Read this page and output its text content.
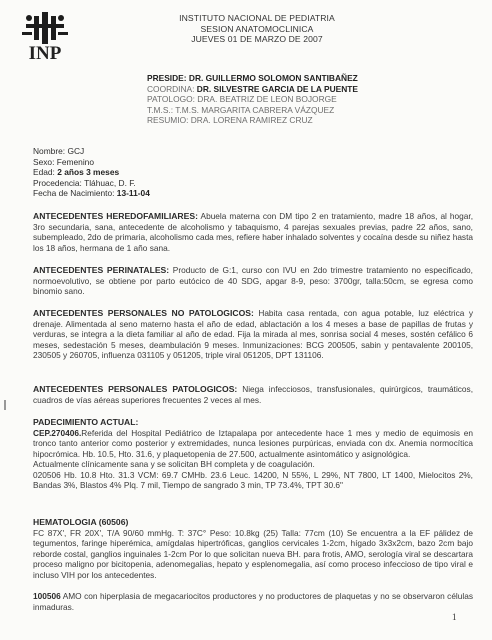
INP
INSTITUTO NACIONAL DE PEDIATRIA
SESION ANATOMOCLINICA
JUEVES 01 DE MARZO DE 2007
PRESIDE: DR. GUILLERMO SOLOMON SANTIBAÑEZ
COORDINA: DR. SILVESTRE GARCIA DE LA PUENTE
PATOLOGO: DRA. BEATRIZ DE LEON BOJORGE
T.M.S.: T.M.S. MARGARITA CABRERA VÁZQUEZ
RESUMIO: DRA. LORENA RAMIREZ CRUZ
Nombre: GCJ
Sexo: Femenino
Edad: 2 años 3 meses
Procedencia: Tláhuac, D. F.
Fecha de Nacimiento: 13-11-04

ANTECEDENTES HEREDOFAMILIARES: Abuela materna con DM tipo 2 en tratamiento, madre 18 años, al hogar, 3ro secundaria, sana, antecedente de alcoholismo y tabaquismo, 4 parejas sexuales previas, padre 22 años, sano, subempleado, 2do de primaria, alcoholismo cada mes, refiere haber inhalado solventes y cocaína desde su niñez hasta los 18 años, hermana de 1 año sana.

ANTECEDENTES PERINATALES: Producto de G:1, curso con IVU en 2do trimestre tratamiento no especificado, normoevolutivo, se obtiene por parto eutócico de 40 SDG, apgar 8-9, peso: 3700gr, talla:50cm, se egresa como binomio sano.

ANTECEDENTES PERSONALES NO PATOLOGICOS: Habita casa rentada, con agua potable, luz eléctrica y drenaje. Alimentada al seno materno hasta el año de edad, ablactación a los 4 meses a base de papillas de frutas y verduras, se integra a la dieta familiar al año de edad. Fija la mirada al mes, sonrisa social 4 meses, sostén cefálico 6 meses, sedestación 5 meses, deambulación 9 meses. Inmunizaciones: BCG 200505, sabin y pentavalente 200105, 230505 y 260705, influenza 031105 y 051205, triple viral 051205, DPT 131106.

ANTECEDENTES PERSONALES PATOLOGICOS: Niega infecciosos, transfusionales, quirúrgicos, traumáticos, cuadros de vías aéreas superiores frecuentes 2 veces al mes.

PADECIMIENTO ACTUAL:

CEP.270406.Referida del Hospital Pediátrico de Iztapalapa por antecedente hace 1 mes y medio de equimosis en tronco tanto anterior como posterior y extremidades, nunca lesiones purpúricas, enviada con dx. Anemia normocítica hipocrómica. Hb. 10.5, Hto. 31.6, y plaquetopenia de 27.500, actualmente asintomático y asignológica.

Actualmente clínicamente sana y se solicitan BH completa y de coagulación.

020506 Hb. 10.8 Hto. 31.3 VCM: 69.7 CMHb. 23.6 Leuc. 14200, N 55%, L 29%, NT 7800, LT 1400, Mielocitos 2%, Bandas 3%, Blastos 4% Plq. 7 mil, Tiempo de sangrado 3 min, TP 73.4%, TPT 30.6"

HEMATOLOGIA (60506)

FC 87X', FR 20X', T/A 90/60 mmHg. T: 37C° Peso: 10.8kg (25) Talla: 77cm (10) Se encuentra a la EF pálidez de tegumentos, faringe hiperémica, amígdalas hipertróficas, ganglios cervicales 1-2cm, hígado 3x3x2cm, bazo 2cm bajo reborde costal, ganglios inguinales 1-2cm Por lo que solicitan nueva BH. para frotis, AMO, serología viral se descartara proceso maligno por bicitopenia, adenomegalias, hepato y esplenomegalia, así como proceso infeccioso de tipo viral e incluso VIH por los antecedentes.

100506 AMO con hiperplasia de megacariocitos productores y no productores de plaquetas y no se observaron células inmaduras.

1
